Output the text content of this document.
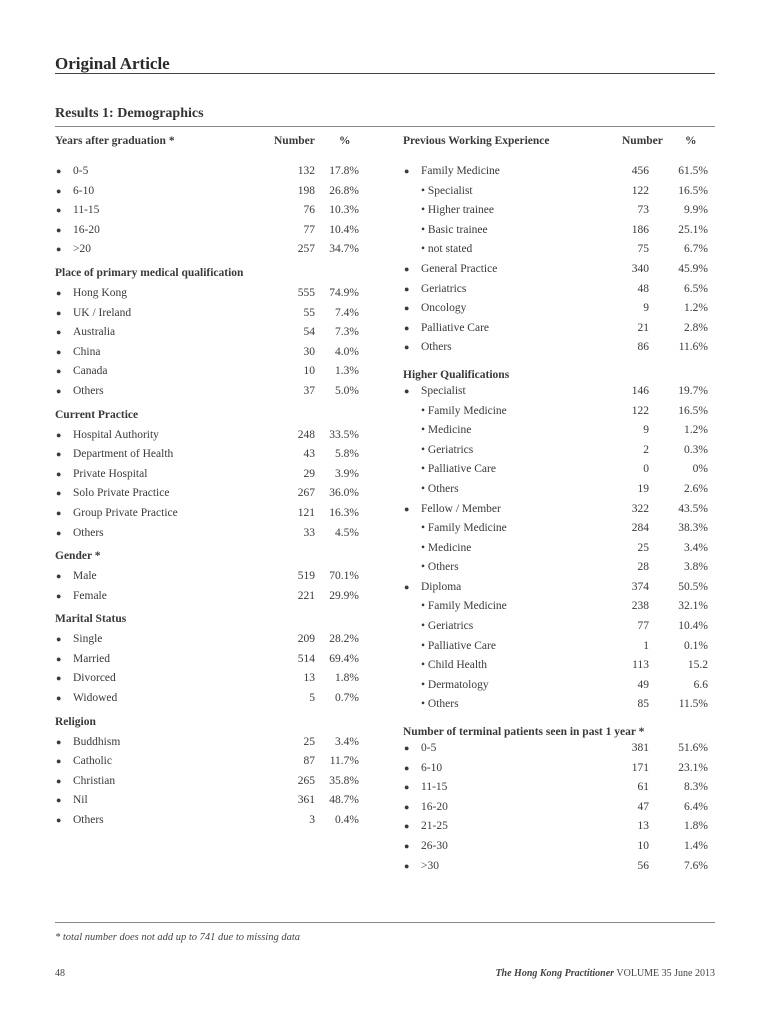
Original Article
Results 1: Demographics
Years after graduation *	Number %
● 0-5	132 17.8%
● 6-10	198 26.8%
● 11-15	76 10.3%
● 16-20	77 10.4%
● >20	257 34.7%
Place of primary medical qualification
● Hong Kong	555 74.9%
● UK / Ireland	55 7.4%
● Australia	54 7.3%
● China	30 4.0%
● Canada	10 1.3%
● Others	37 5.0%
Current Practice
● Hospital Authority	248 33.5%
● Department of Health	43 5.8%
● Private Hospital	29 3.9%
● Solo Private Practice	267 36.0%
● Group Private Practice	121 16.3%
● Others	33 4.5%
Gender *
● Male	519 70.1%
● Female	221 29.9%
Marital Status
● Single	209 28.2%
● Married	514 69.4%
● Divorced	13 1.8%
● Widowed	5 0.7%
Religion
● Buddhism	25 3.4%
● Catholic	87 11.7%
● Christian	265 35.8%
● Nil	361 48.7%
● Others	3 0.4%
Previous Working Experience	Number %
● Family Medicine	456	61.5%
• Specialist	122	16.5%
• Higher trainee	73	9.9%
• Basic trainee	186	25.1%
• not stated	75	6.7%
● General Practice	340	45.9%
● Geriatrics	48	6.5%
● Oncology	9	1.2%
● Palliative Care	21	2.8%
● Others	86	11.6%
Higher Qualifications
● Specialist	146	19.7%
• Family Medicine	122	16.5%
• Medicine	9	1.2%
• Geriatrics	2	0.3%
• Palliative Care	0	0%
• Others	19	2.6%
● Fellow / Member	322	43.5%
• Family Medicine	284	38.3%
• Medicine	25	3.4%
• Others	28	3.8%
● Diploma	374	50.5%
• Family Medicine	238	32.1%
• Geriatrics	77	10.4%
• Palliative Care	1	0.1%
• Child Health	113	15.2
• Dermatology	49	6.6
• Others	85	11.5%
Number of terminal patients seen in past 1 year *
● 0-5	381	51.6%
● 6-10	171	23.1%
● 11-15	61	8.3%
● 16-20	47	6.4%
● 21-25	13	1.8%
● 26-30	10	1.4%
● >30	56	7.6%
* total number does not add up to 741 due to missing data
48	The Hong Kong Practitioner VOLUME 35 June 2013
